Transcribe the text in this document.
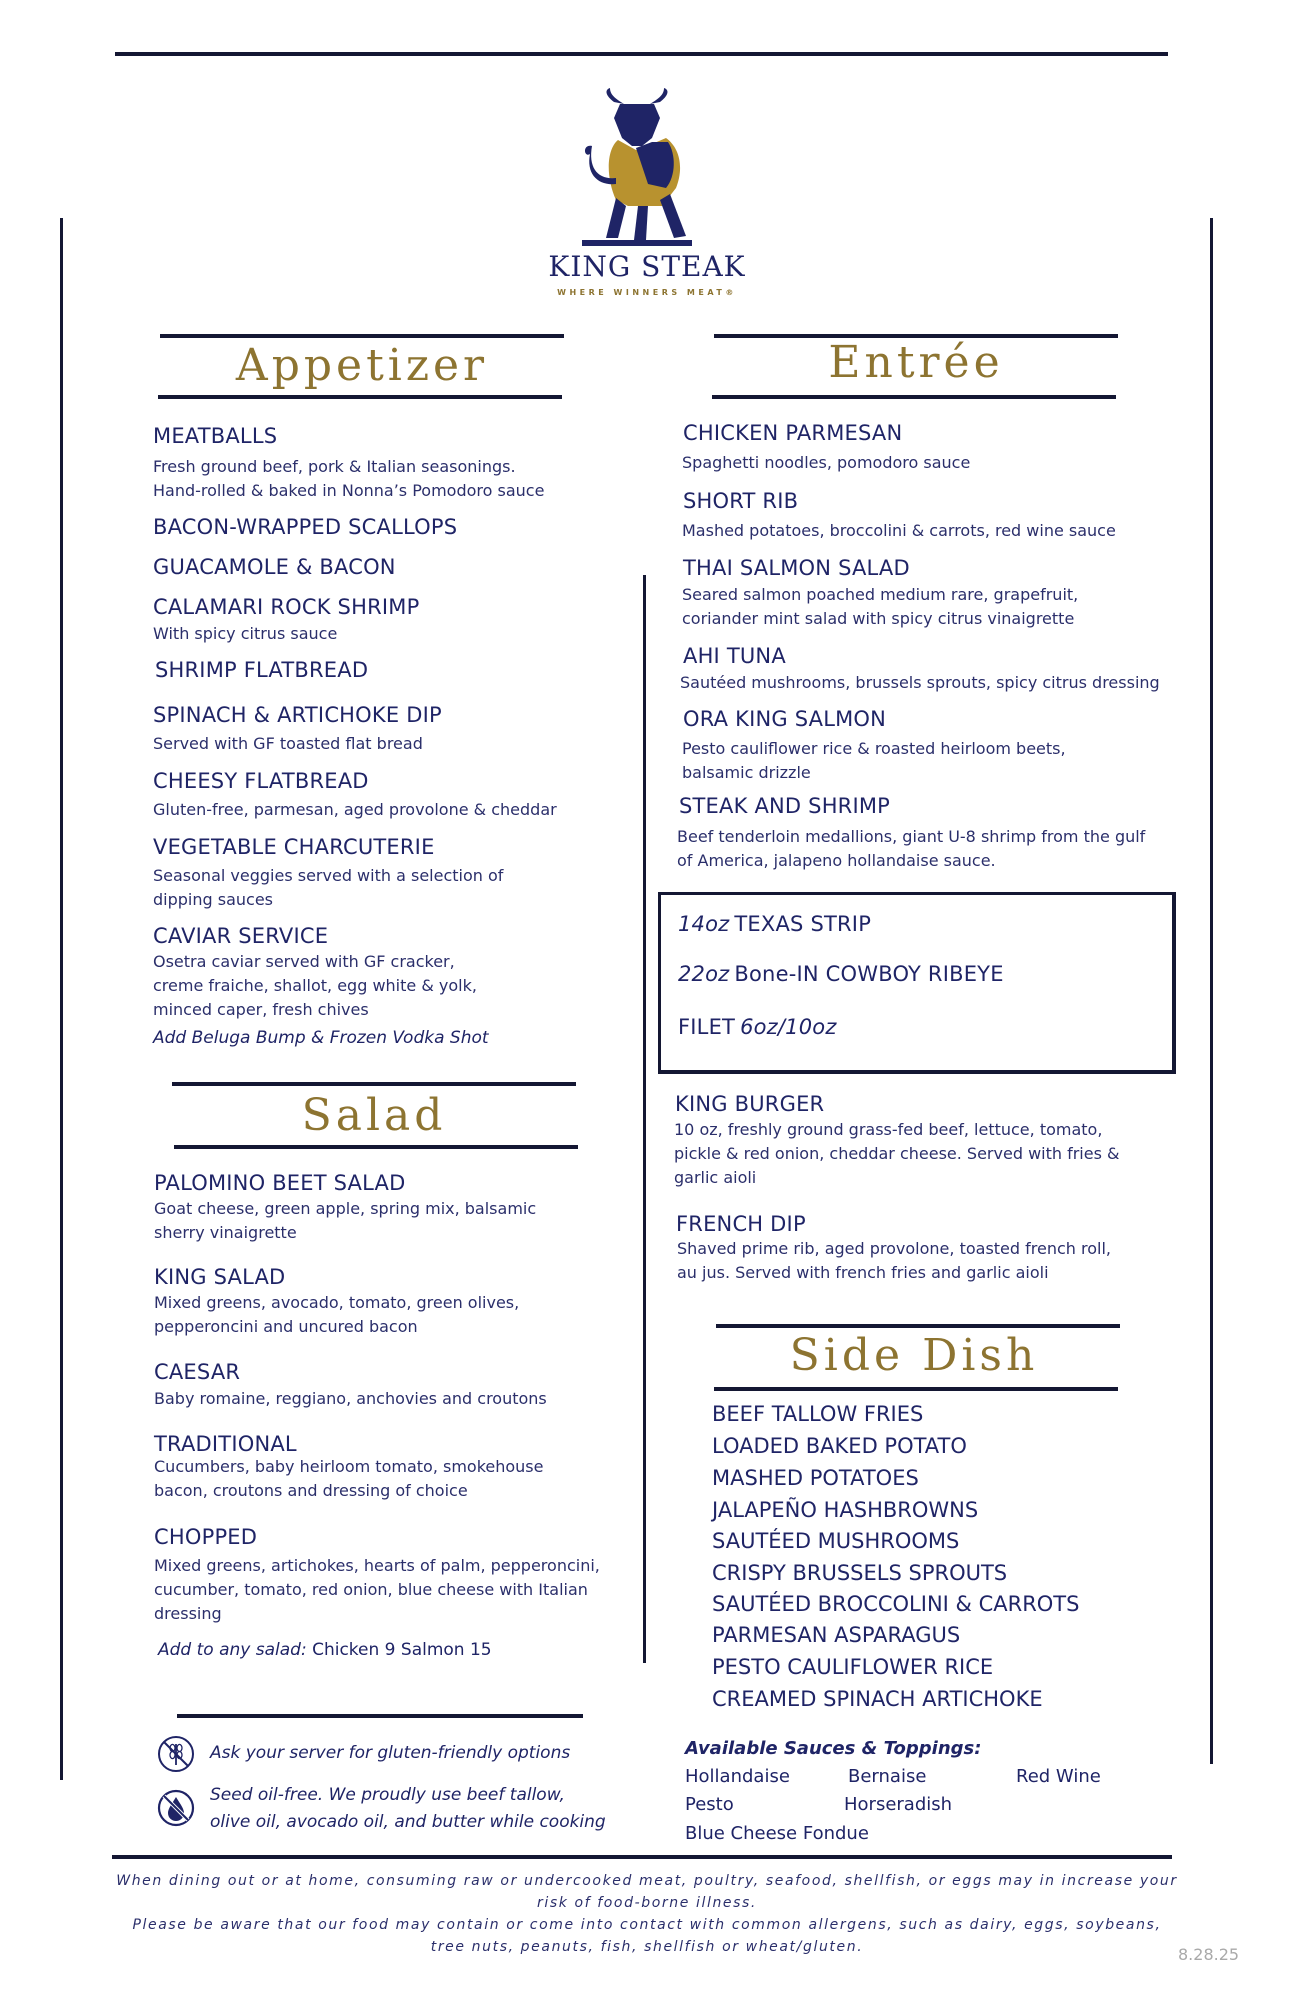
KING STEAK
WHERE WINNERS MEAT®
Appetizer
MEATBALLS
Fresh ground beef, pork & Italian seasonings.
Hand-rolled & baked in Nonna’s Pomodoro sauce
BACON-WRAPPED SCALLOPS
GUACAMOLE & BACON
CALAMARI ROCK SHRIMP
With spicy citrus sauce
SHRIMP FLATBREAD
SPINACH & ARTICHOKE DIP
Served with GF toasted flat bread
CHEESY FLATBREAD
Gluten-free, parmesan, aged provolone & cheddar
VEGETABLE CHARCUTERIE
Seasonal veggies served with a selection of
dipping sauces
CAVIAR SERVICE
Osetra caviar served with GF cracker,
creme fraiche, shallot, egg white & yolk,
minced caper, fresh chives
Add Beluga Bump & Frozen Vodka Shot
Salad
PALOMINO BEET SALAD
Goat cheese, green apple, spring mix, balsamic
sherry vinaigrette
KING SALAD
Mixed greens, avocado, tomato, green olives,
pepperoncini and uncured bacon
CAESAR
Baby romaine, reggiano, anchovies and croutons
TRADITIONAL
Cucumbers, baby heirloom tomato, smokehouse
bacon, croutons and dressing of choice
CHOPPED
Mixed greens, artichokes, hearts of palm, pepperoncini,
cucumber, tomato, red onion, blue cheese with Italian
dressing
Add to any salad: Chicken 9 Salmon 15
Ask your server for gluten-friendly options
Seed oil-free. We proudly use beef tallow,
olive oil, avocado oil, and butter while cooking
Entrée
CHICKEN PARMESAN
Spaghetti noodles, pomodoro sauce
SHORT RIB
Mashed potatoes, broccolini & carrots, red wine sauce
THAI SALMON SALAD
Seared salmon poached medium rare, grapefruit,
coriander mint salad with spicy citrus vinaigrette
AHI TUNA
Sautéed mushrooms, brussels sprouts, spicy citrus dressing
ORA KING SALMON
Pesto cauliflower rice & roasted heirloom beets,
balsamic drizzle
STEAK AND SHRIMP
Beef tenderloin medallions, giant U-8 shrimp from the gulf
of America, jalapeno hollandaise sauce.
14oz TEXAS STRIP
22oz Bone-IN COWBOY RIBEYE
FILET 6oz/10oz
KING BURGER
10 oz, freshly ground grass-fed beef, lettuce, tomato,
pickle & red onion, cheddar cheese. Served with fries &
garlic aioli
FRENCH DIP
Shaved prime rib, aged provolone, toasted french roll,
au jus. Served with french fries and garlic aioli
Side Dish
BEEF TALLOW FRIES
LOADED BAKED POTATO
MASHED POTATOES
JALAPEÑO HASHBROWNS
SAUTÉED MUSHROOMS
CRISPY BRUSSELS SPROUTS
SAUTÉED BROCCOLINI & CARROTS
PARMESAN ASPARAGUS
PESTO CAULIFLOWER RICE
CREAMED SPINACH ARTICHOKE
Available Sauces & Toppings:
Hollandaise	Bernaise	Red Wine
Pesto	Horseradish
Blue Cheese Fondue
When dining out or at home, consuming raw or undercooked meat, poultry, seafood, shellfish, or eggs may in increase your
risk of food-borne illness.
Please be aware that our food may contain or come into contact with common allergens, such as dairy, eggs, soybeans,
tree nuts, peanuts, fish, shellfish or wheat/gluten.	8.28.25
